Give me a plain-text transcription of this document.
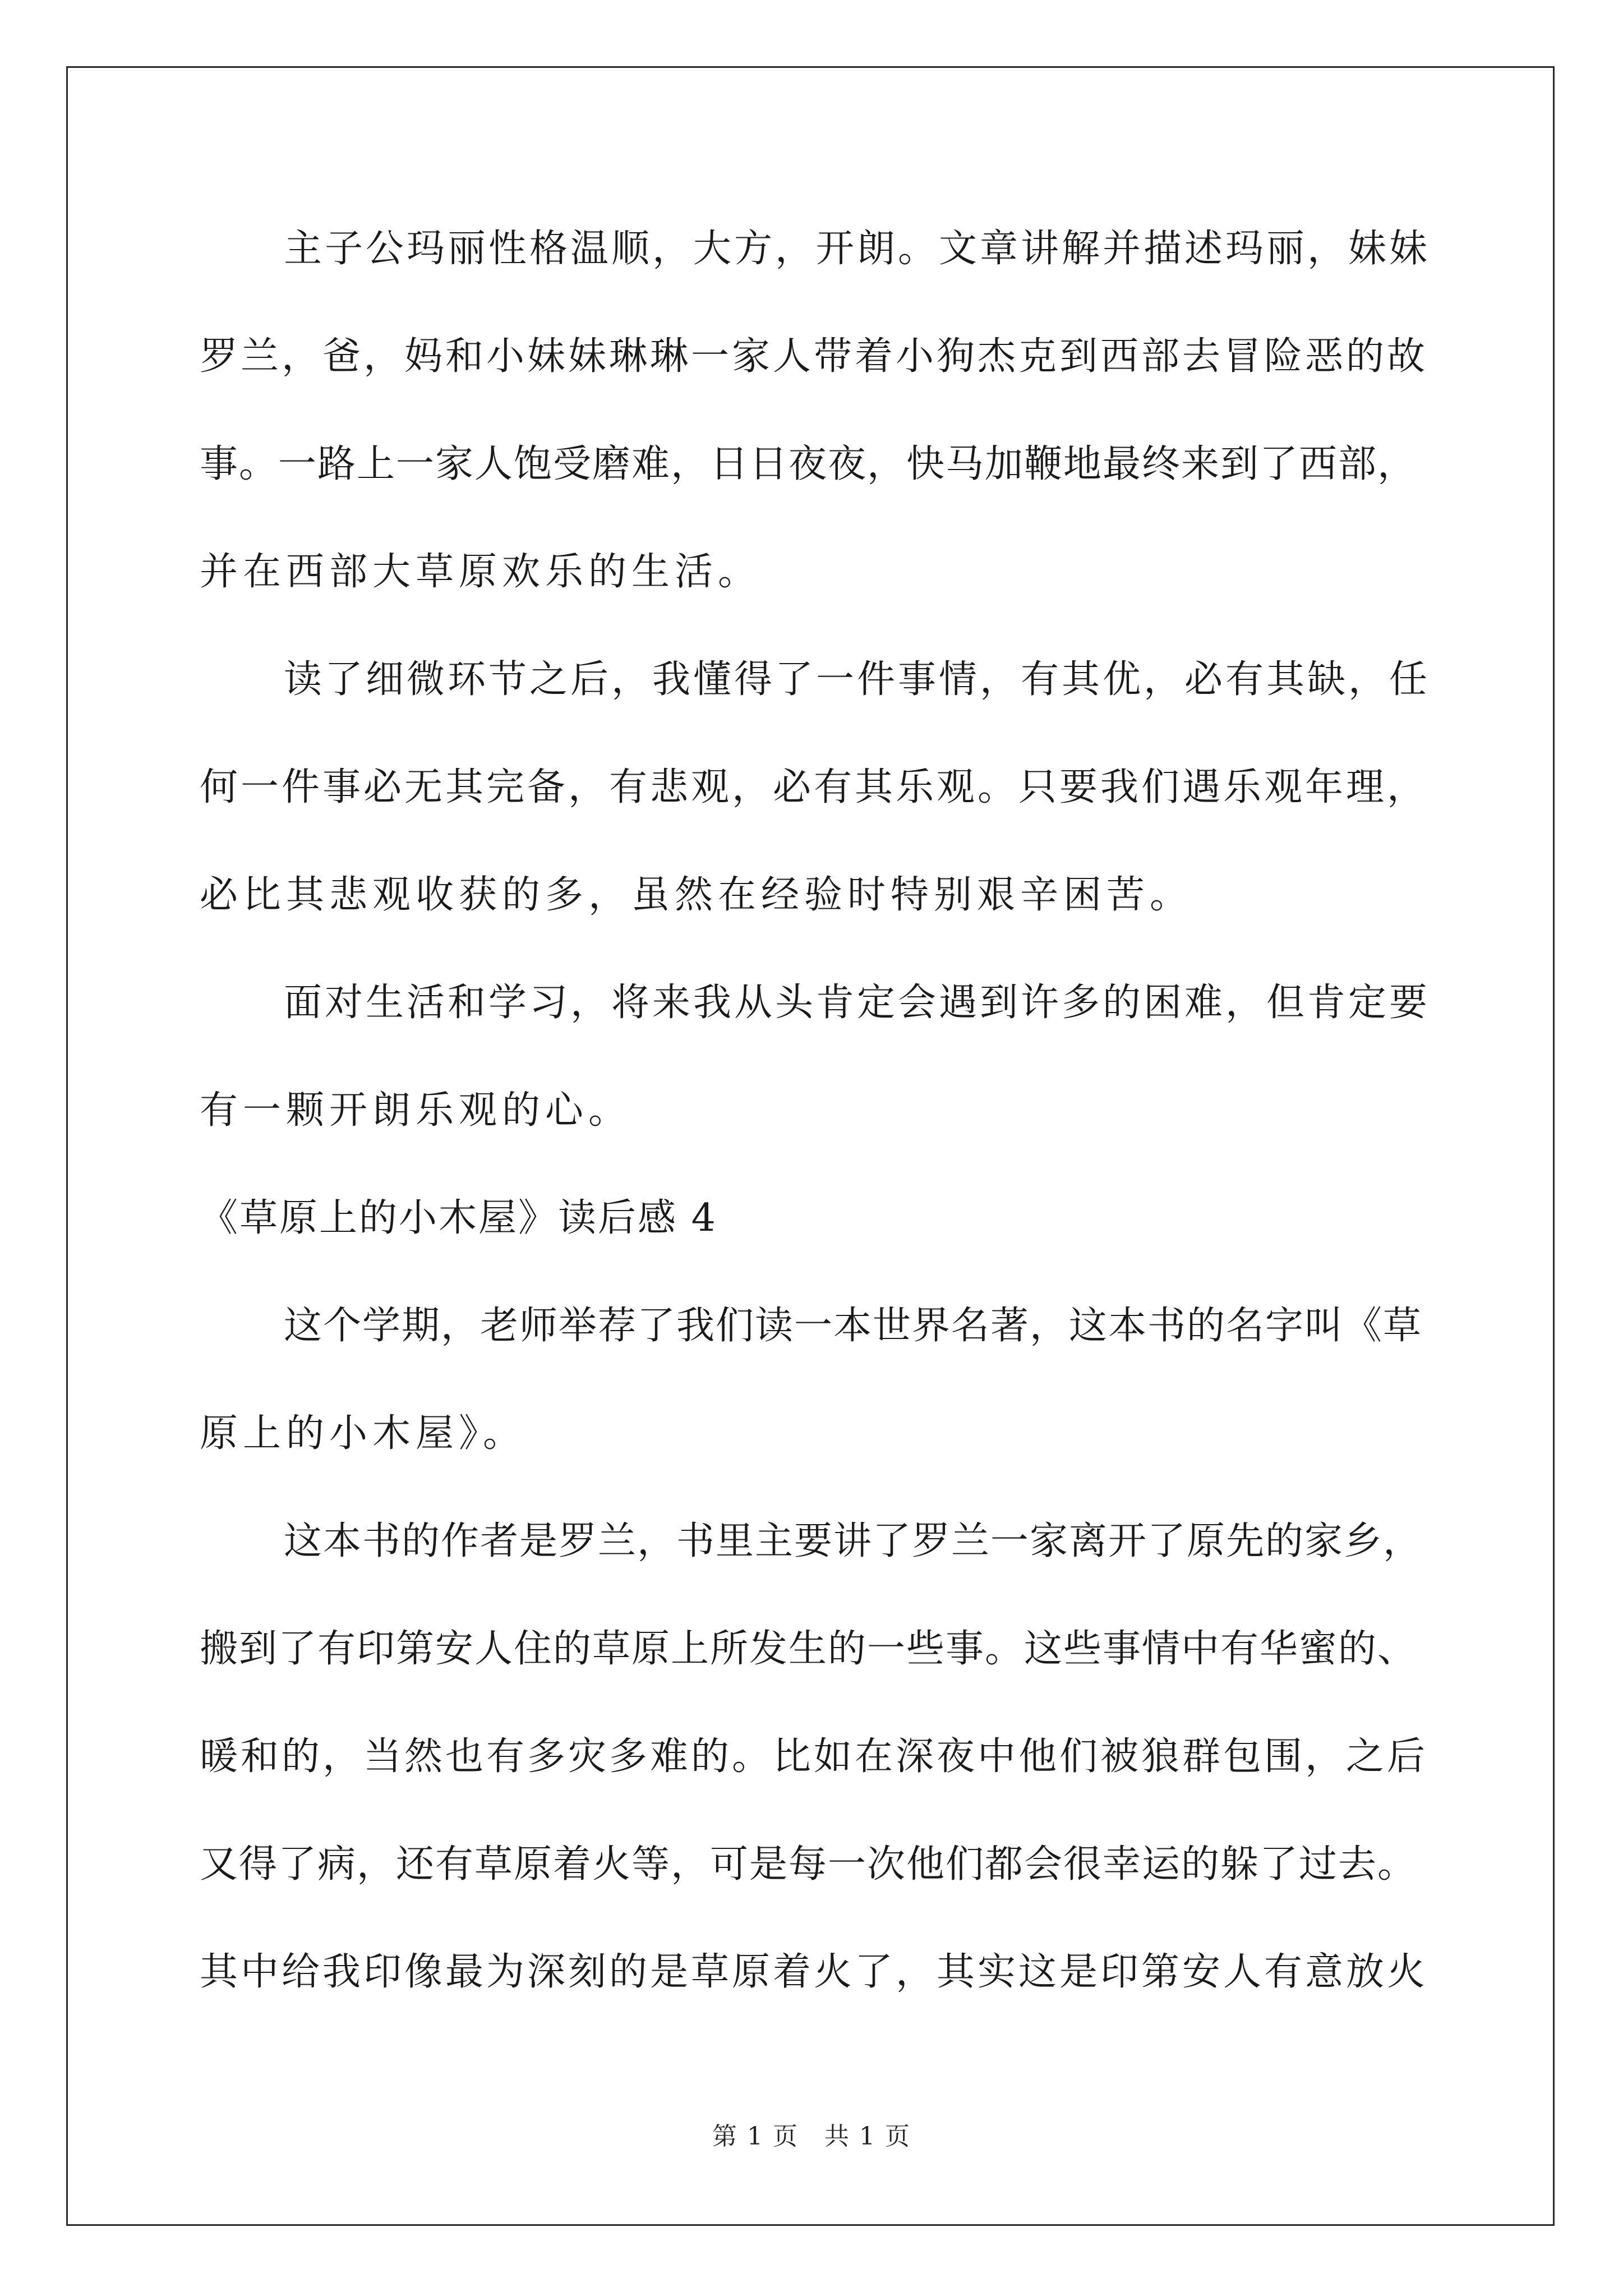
主子公玛丽性格温顺，大方，开朗。文章讲解并描述玛丽，妹妹
罗兰，爸，妈和小妹妹琳琳一家人带着小狗杰克到西部去冒险恶的故
事。一路上一家人饱受磨难，日日夜夜，快马加鞭地最终来到了西部，
并在西部大草原欢乐的生活。
读了细微环节之后，我懂得了一件事情，有其优，必有其缺，任
何一件事必无其完备，有悲观，必有其乐观。只要我们遇乐观年理，
必比其悲观收获的多，虽然在经验时特别艰辛困苦。
面对生活和学习，将来我从头肯定会遇到许多的困难，但肯定要
有一颗开朗乐观的心。
《草原上的小木屋》读后感 4
这个学期，老师举荐了我们读一本世界名著，这本书的名字叫《草
原上的小木屋》。
这本书的作者是罗兰，书里主要讲了罗兰一家离开了原先的家乡，
搬到了有印第安人住的草原上所发生的一些事。这些事情中有华蜜的、
暖和的，当然也有多灾多难的。比如在深夜中他们被狼群包围，之后
又得了病，还有草原着火等，可是每一次他们都会很幸运的躲了过去。
其中给我印像最为深刻的是草原着火了，其实这是印第安人有意放火
第 1 页 共 1 页
